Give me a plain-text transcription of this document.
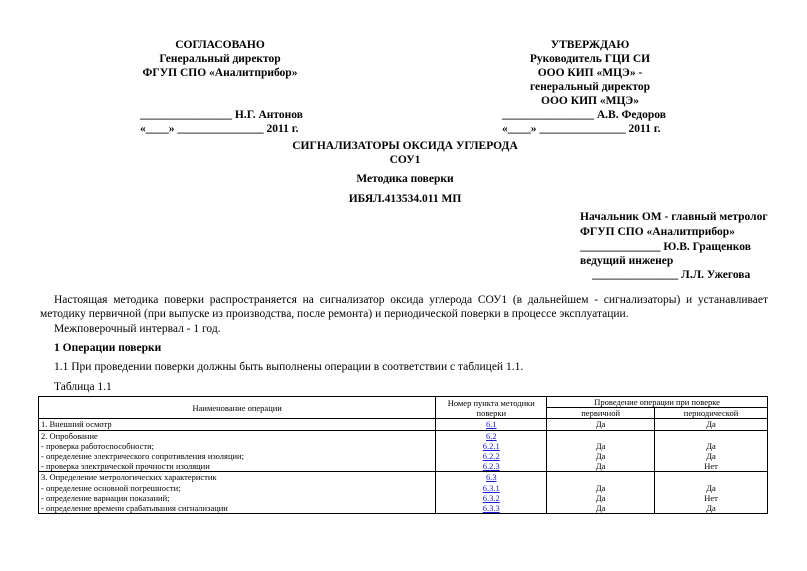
СОГЛАСОВАНО
Генеральный директор
ФГУП СПО «Аналитприбор»
________________ Н.Г. Антонов
«____» _______________ 2011 г.
УТВЕРЖДАЮ
Руководитель ГЦИ СИ
ООО КИП «МЦЭ» -
генеральный директор
ООО КИП «МЦЭ»
________________ А.В. Федоров
«____» _______________ 2011 г.
СИГНАЛИЗАТОРЫ ОКСИДА УГЛЕРОДА
СОУ1
Методика поверки
ИБЯЛ.413534.011 МП
Начальник ОМ - главный метролог
ФГУП СПО «Аналитприбор»
______________ Ю.В. Гращенков
ведущий инженер
_______________ Л.Л. Ужегова
Настоящая методика поверки распространяется на сигнализатор оксида углерода СОУ1 (в дальнейшем - сигнализаторы) и устанавливает методику первичной (при выпуске из производства, после ремонта) и периодической поверки в процессе эксплуатации.
Межповерочный интервал - 1 год.
1 Операции поверки
1.1 При проведении поверки должны быть выполнены операции в соответствии с таблицей 1.1.
Таблица 1.1
Наименование операции	Номер пункта методики поверки	Проведение операции при поверке	
		первичной	периодической
1. Внешний осмотр	6.1	Да	Да
2. Опробование	6.2		
- проверка работоспособности;	6.2.1	Да	Да
- определение электрического сопротивления изоляции;	6.2.2	Да	Да
- проверка электрической прочности изоляции	6.2.3	Да	Нет
3. Определение метрологических характеристик	6.3		
- определение основной погрешности;	6.3.1	Да	Да
- определение вариации показаний;	6.3.2	Да	Нет
- определение времени срабатывания сигнализации	6.3.3	Да	Да
